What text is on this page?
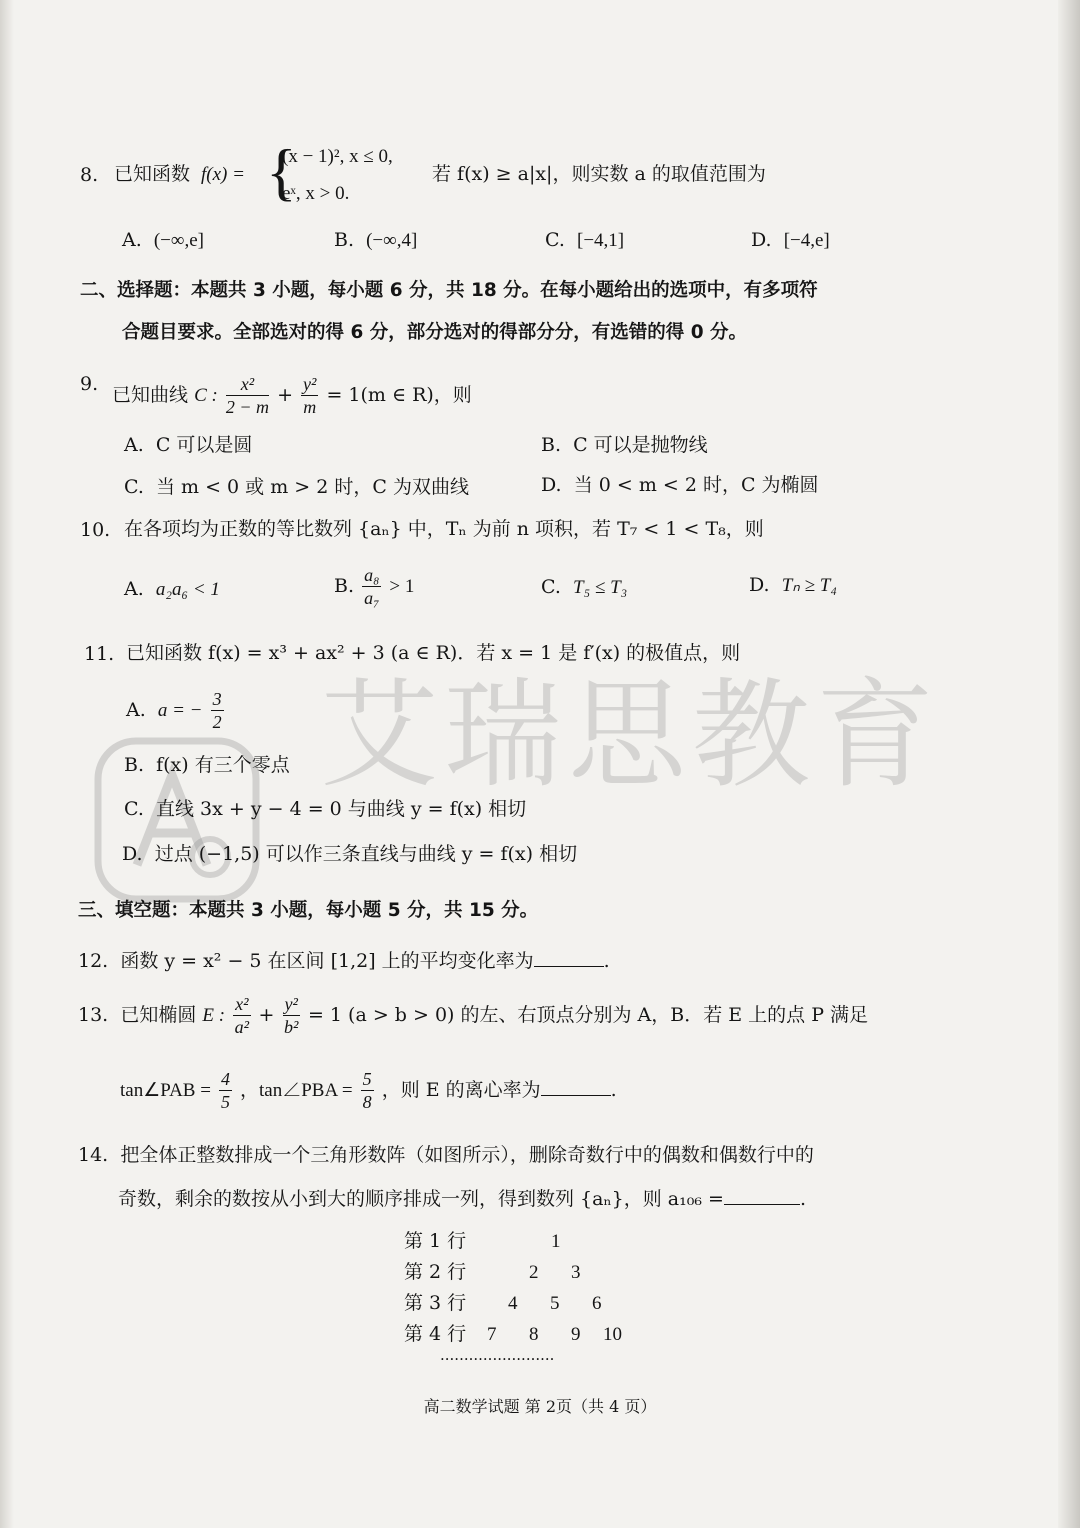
艾瑞思教育
8. 已知函数 f(x) = {
(x − 1)², x ≤ 0,
eˣ, x > 0.
若 f(x) ≥ a|x|，则实数 a 的取值范围为
A. (−∞,e]	B. (−∞,4]	C. [−4,1]	D. [−4,e]
二、选择题：本题共 3 小题，每小题 6 分，共 18 分。在每小题给出的选项中，有多项符
合题目要求。全部选对的得 6 分，部分选对的得部分分，有选错的得 0 分。
9. 已知曲线 C : $\frac{\text{x²}}{2 - m} + \frac{\text{y²}}{m} = 1(m$ ∈ R)，则
A. C 可以是圆	B. C 可以是抛物线
C. 当 m < 0 或 m > 2 时，C 为双曲线	D. 当 0 < m < 2 时，C 为椭圆
10. 在各项均为正数的等比数列 {aₙ} 中，Tₙ 为前 n 项积，若 T₇ < 1 < T₈，则
A. a₂a₆ < 1	B. $\frac{\text{a₈}}{\text{a₇}} > 1$	C. T₅ ≤ T₃	D. Tₙ ≥ T₄
11. 已知函数 f(x) = x³ + ax² + 3 (a ∈ R)．若 x = 1 是 f′(x) 的极值点，则
A. a = − $\frac{3}{2}$
B. f(x) 有三个零点
C. 直线 3x + y − 4 = 0 与曲线 y = f(x) 相切
D. 过点 (−1,5) 可以作三条直线与曲线 y = f(x) 相切
三、填空题：本题共 3 小题，每小题 5 分，共 15 分。
12. 函数 y = x² − 5 在区间 [1,2] 上的平均变化率为	.
13. 已知椭圆 E : $\frac{\text{x²}}{\text{a²}} + \frac{\text{y²}}{\text{b²}} = 1$ (a > b > 0) 的左、右顶点分别为 A，B．若 E 上的点 P 满足
tan∠PAB = $\frac{4}{5}$ ，tan∠PBA = $\frac{5}{8}$ ，则 E 的离心率为	.
14. 把全体正整数排成一个三角形数阵（如图所示），删除奇数行中的偶数和偶数行中的
奇数，剩余的数按从小到大的顺序排成一列，得到数列 {aₙ}，则 a₁₀₆ =	.
第 1 行	1
第 2 行	2 3
第 3 行 4 5 6
第 4 行 7 8 9 10
························
高二数学试题 第 2页（共 4 页）
